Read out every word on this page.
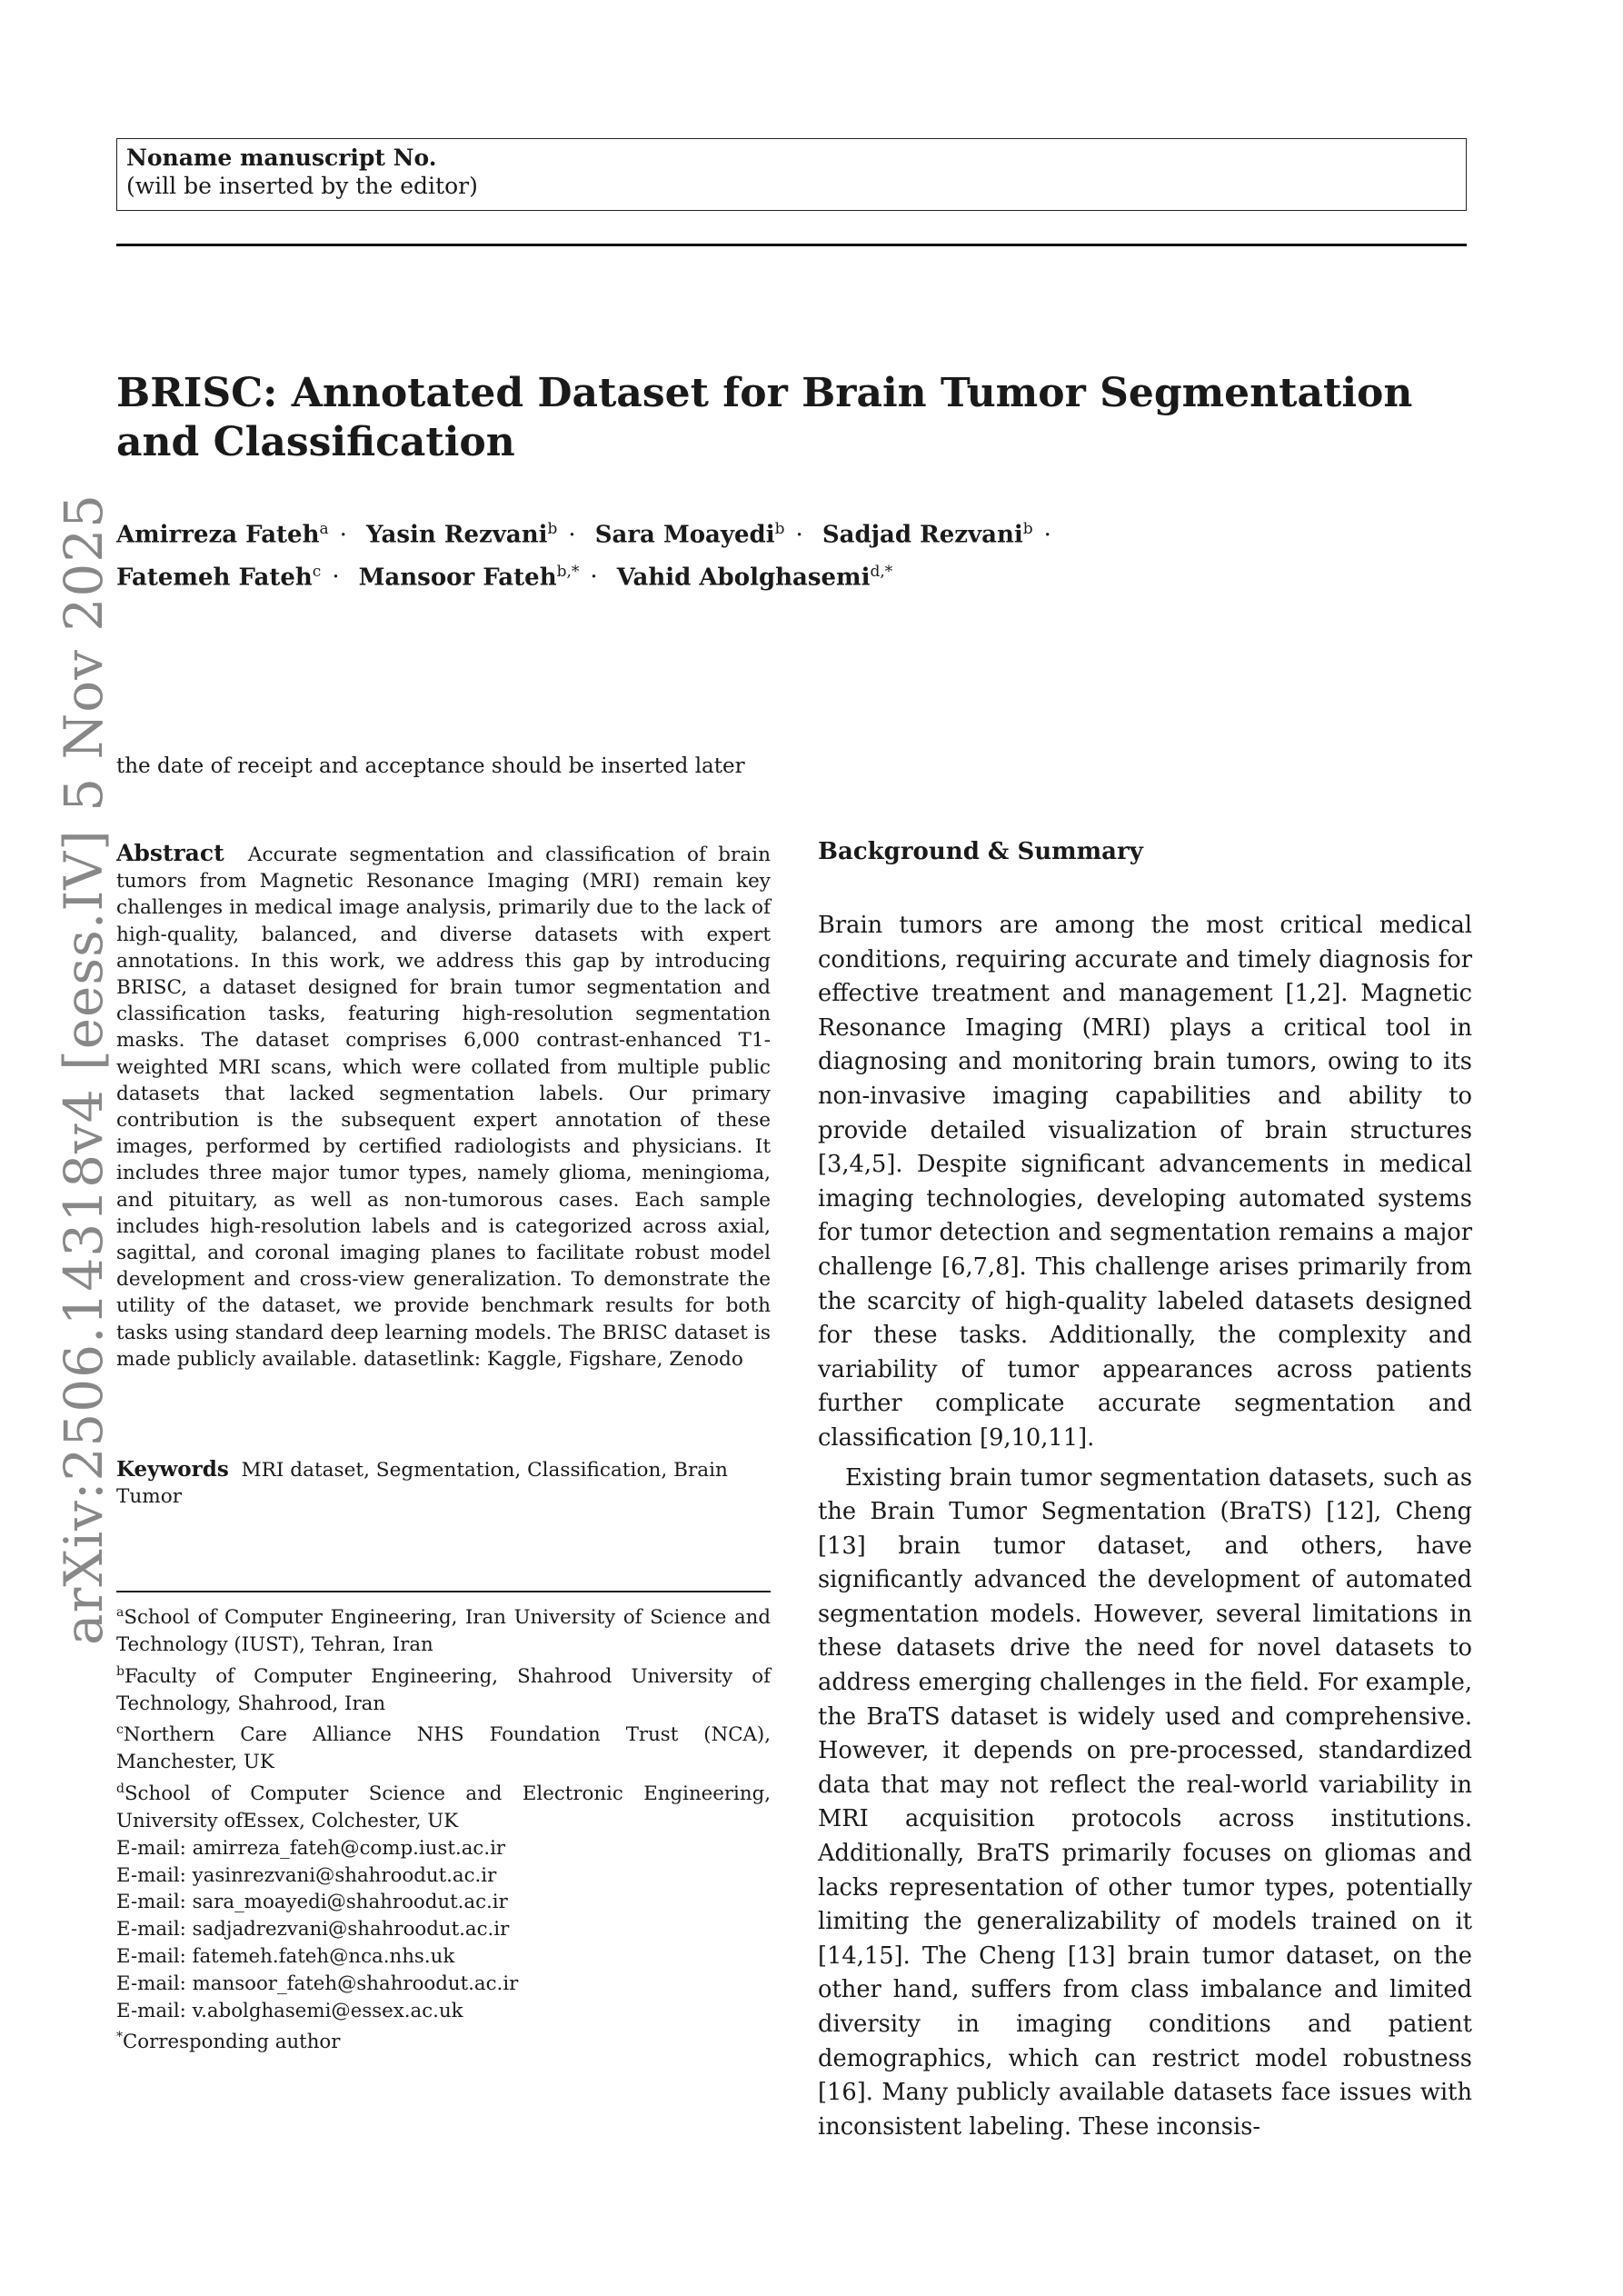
Noname manuscript No.
(will be inserted by the editor)
BRISC: Annotated Dataset for Brain Tumor Segmentation
and Classification
Amirreza Fateh$^a$ · Yasin Rezvani$^b$ · Sara Moayedi$^b$ · Sadjad Rezvani$^b$ ·
Fatemeh Fateh$^c$ · Mansoor Fateh$^{b,*}$ · Vahid Abolghasemi$^{d,*}$
arXiv:2506.14318v4 [eess.IV] 5 Nov 2025 the date of receipt and acceptance should be inserted later
Abstract Accurate segmentation and classification of brain tumors from Magnetic Resonance Imaging (MRI) remain key challenges in medical image analysis, primarily due to the lack of high-quality, balanced, and diverse datasets with expert annotations. In this work, we address this gap by introducing BRISC, a dataset designed for brain tumor segmentation and classification tasks, featuring high-resolution segmentation masks. The dataset comprises 6,000 contrast-enhanced T1-weighted MRI scans, which were collated from multiple public datasets that lacked segmentation labels. Our primary contribution is the subsequent expert annotation of these images, performed by certified radiologists and physicians. It includes three major tumor types, namely glioma, meningioma, and pituitary, as well as non-tumorous cases. Each sample includes high-resolution labels and is categorized across axial, sagittal, and coronal imaging planes to facilitate robust model development and cross-view generalization. To demonstrate the utility of the dataset, we provide benchmark results for both tasks using standard deep learning models. The BRISC dataset is made publicly available. datasetlink: Kaggle, Figshare, Zenodo
Keywords MRI dataset, Segmentation, Classification, Brain Tumor
$^a$School of Computer Engineering, Iran University of Science and Technology (IUST), Tehran, Iran
$^b$Faculty of Computer Engineering, Shahrood University of Technology, Shahrood, Iran
$^c$Northern Care Alliance NHS Foundation Trust (NCA), Manchester, UK
$^d$School of Computer Science and Electronic Engineering, University ofEssex, Colchester, UK
E-mail: amirreza_fateh@comp.iust.ac.ir
E-mail: yasinrezvani@shahroodut.ac.ir
E-mail: sara_moayedi@shahroodut.ac.ir
E-mail: sadjadrezvani@shahroodut.ac.ir
E-mail: fatemeh.fateh@nca.nhs.uk
E-mail: mansoor_fateh@shahroodut.ac.ir
E-mail: v.abolghasemi@essex.ac.uk
*Corresponding author
Background & Summary

Brain tumors are among the most critical medical conditions, requiring accurate and timely diagnosis for effective treatment and management [1,2]. Magnetic Resonance Imaging (MRI) plays a critical tool in diagnosing and monitoring brain tumors, owing to its non-invasive imaging capabilities and ability to provide detailed visualization of brain structures [3,4,5]. Despite significant advancements in medical imaging technologies, developing automated systems for tumor detection and segmentation remains a major challenge [6,7,8]. This challenge arises primarily from the scarcity of high-quality labeled datasets designed for these tasks. Additionally, the complexity and variability of tumor appearances across patients further complicate accurate segmentation and classification [9,10,11].

Existing brain tumor segmentation datasets, such as the Brain Tumor Segmentation (BraTS) [12], Cheng [13] brain tumor dataset, and others, have significantly advanced the development of automated segmentation models. However, several limitations in these datasets drive the need for novel datasets to address emerging challenges in the field. For example, the BraTS dataset is widely used and comprehensive. However, it depends on pre-processed, standardized data that may not reflect the real-world variability in MRI acquisition protocols across institutions. Additionally, BraTS primarily focuses on gliomas and lacks representation of other tumor types, potentially limiting the generalizability of models trained on it [14,15]. The Cheng [13] brain tumor dataset, on the other hand, suffers from class imbalance and limited diversity in imaging conditions and patient demographics, which can restrict model robustness [16]. Many publicly available datasets face issues with inconsistent labeling. These inconsis-
